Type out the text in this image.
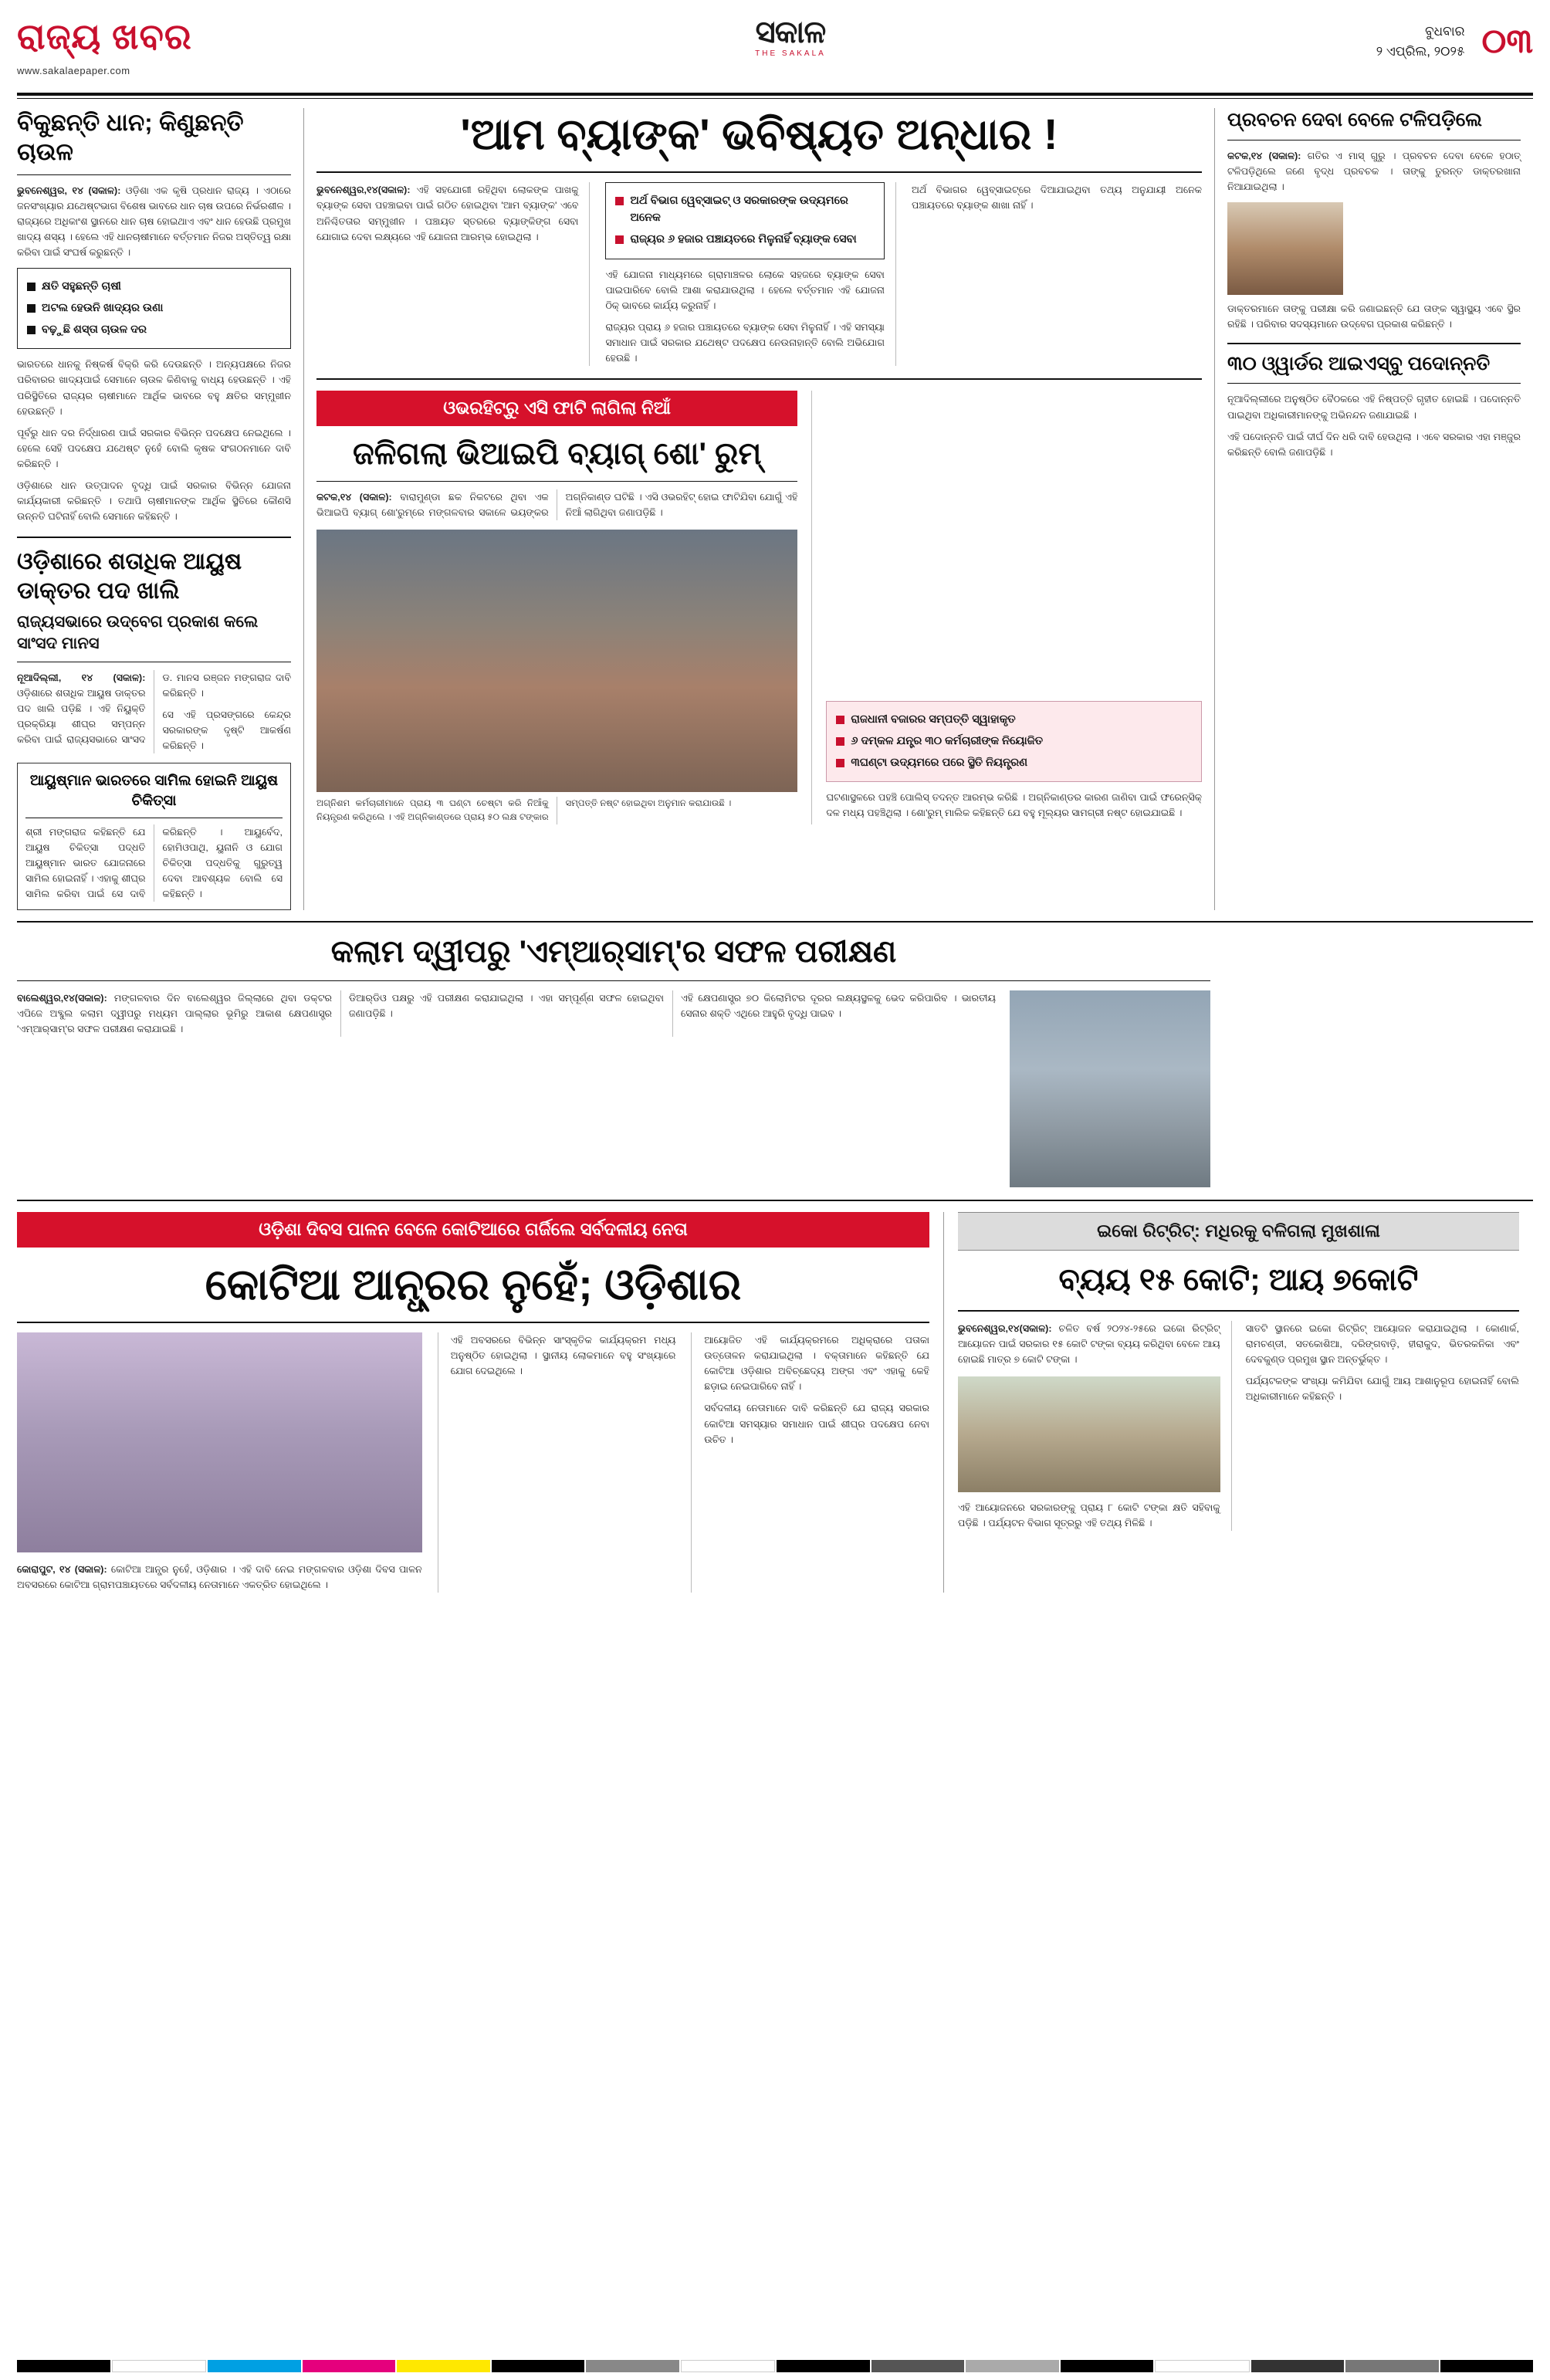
ରାଜ୍ୟ ଖବର
www.sakalaepaper.com
ସକାଳ
THE SAKALA
ବୁଧବାର
୨ ଏପ୍ରିଲ, ୨୦୨୫ ୦୩
ବିକୁଛନ୍ତି ଧାନ; କିଣୁଛନ୍ତି ଚାଉଳ
ଭୁବନେଶ୍ୱର, ୧୪ (ସକାଳ): ଓଡ଼ିଶା ଏକ କୃଷି ପ୍ରଧାନ ରାଜ୍ୟ । ଏଠାରେ ଜନସଂଖ୍ୟାର ଯଥେଷ୍ଟଭାଗ ବିଶେଷ ଭାବରେ ଧାନ ଚାଷ ଉପରେ ନିର୍ଭରଶୀଳ । ରାଜ୍ୟରେ ଅଧିକାଂଶ ସ୍ଥାନରେ ଧାନ ଚାଷ ହୋଇଥାଏ ଏବଂ ଧାନ ହେଉଛି ପ୍ରମୁଖ ଖାଦ୍ୟ ଶସ୍ୟ । ହେଲେ ଏହି ଧାନଚାଷୀମାନେ ବର୍ତ୍ତମାନ ନିଜର ଅସ୍ତିତ୍ୱ ରକ୍ଷା କରିବା ପାଇଁ ସଂଘର୍ଷ କରୁଛନ୍ତି ।
କ୍ଷତି ସହୁଛନ୍ତି ଚାଷୀ
ଅଟଲ ହେଉନି ଖାଦ୍ୟର ଉଣା
ବଢ଼ୁଛି ଶସ୍ତା ଚାଉଳ ଦର
ଭାରତରେ ଧାନକୁ ନିଷ୍କର୍ଷ ବିକ୍ରି କରି ଦେଉଛନ୍ତି । ଅନ୍ୟପକ୍ଷରେ ନିଜର ପରିବାରର ଖାଦ୍ୟପାଇଁ ସେମାନେ ଚାଉଳ କିଣିବାକୁ ବାଧ୍ୟ ହେଉଛନ୍ତି । ଏହି ପରିସ୍ଥିତିରେ ରାଜ୍ୟର ଚାଷୀମାନେ ଆର୍ଥିକ ଭାବରେ ବହୁ କ୍ଷତିର ସମ୍ମୁଖୀନ ହେଉଛନ୍ତି ।
ପୂର୍ବରୁ ଧାନ ଦର ନିର୍ଦ୍ଧାରଣ ପାଇଁ ସରକାର ବିଭିନ୍ନ ପଦକ୍ଷେପ ନେଇଥିଲେ । ହେଲେ ସେହି ପଦକ୍ଷେପ ଯଥେଷ୍ଟ ନୁହେଁ ବୋଲି କୃଷକ ସଂଗଠନମାନେ ଦାବି କରିଛନ୍ତି ।
ଓଡ଼ିଶାରେ ଧାନ ଉତ୍ପାଦନ ବୃଦ୍ଧି ପାଇଁ ସରକାର ବିଭିନ୍ନ ଯୋଜନା କାର୍ଯ୍ୟକାରୀ କରିଛନ୍ତି । ତଥାପି ଚାଷୀମାନଙ୍କ ଆର୍ଥିକ ସ୍ଥିତିରେ କୌଣସି ଉନ୍ନତି ଘଟିନାହିଁ ବୋଲି ସେମାନେ କହିଛନ୍ତି ।
ଓଡ଼ିଶାରେ ଶତାଧିକ ଆୟୁଷ ଡାକ୍ତର ପଦ ଖାଲି
ରାଜ୍ୟସଭାରେ ଉଦ୍‌ବେଗ ପ୍ରକାଶ କଲେ ସାଂସଦ ମାନସ
ନୂଆଦିଲ୍ଲୀ, ୧୪ (ସକାଳ): ଓଡ଼ିଶାରେ ଶତାଧିକ ଆୟୁଷ ଡାକ୍ତର ପଦ ଖାଲି ପଡ଼ିଛି । ଏହି ନିୟୁକ୍ତି ପ୍ରକ୍ରିୟା ଶୀଘ୍ର ସମ୍ପନ୍ନ କରିବା ପାଇଁ ରାଜ୍ୟସଭାରେ ସାଂସଦ ଡ. ମାନସ ରଞ୍ଜନ ମଙ୍ଗରାଜ ଦାବି କରିଛନ୍ତି ।
ସେ ଏହି ପ୍ରସଙ୍ଗରେ କେନ୍ଦ୍ର ସରକାରଙ୍କ ଦୃଷ୍ଟି ଆକର୍ଷଣ କରିଛନ୍ତି ।
ଆୟୁଷ୍ମାନ ଭାରତରେ ସାମିଲ ହୋଇନି ଆୟୁଷ ଚିକିତ୍ସା
ଶ୍ରୀ ମଙ୍ଗରାଜ କହିଛନ୍ତି ଯେ ଆୟୁଷ ଚିକିତ୍ସା ପଦ୍ଧତି ଆୟୁଷ୍ମାନ ଭାରତ ଯୋଜନାରେ ସାମିଲ ହୋଇନାହିଁ । ଏହାକୁ ଶୀଘ୍ର ସାମିଲ କରିବା ପାଇଁ ସେ ଦାବି କରିଛନ୍ତି । ଆୟୁର୍ବେଦ, ହୋମିଓପାଥି, ୟୁନାନି ଓ ଯୋଗ ଚିକିତ୍ସା ପଦ୍ଧତିକୁ ଗୁରୁତ୍ୱ ଦେବା ଆବଶ୍ୟକ ବୋଲି ସେ କହିଛନ୍ତି ।
'ଆମ ବ୍ୟାଙ୍କ' ଭବିଷ୍ୟତ ଅନ୍ଧାର !
ଭୁବନେଶ୍ୱର,୧୪(ସକାଳ): ଏହି ସହଯୋଗୀ ରହିଥିବା ଲୋକଙ୍କ ପାଖକୁ ବ୍ୟାଙ୍କ ସେବା ପହଞ୍ଚାଇବା ପାଇଁ ଗଠିତ ହୋଇଥିବା 'ଆମ ବ୍ୟାଙ୍କ' ଏବେ ଅନିଶ୍ଚିତତାର ସମ୍ମୁଖୀନ । ପଞ୍ଚାୟତ ସ୍ତରରେ ବ୍ୟାଙ୍କିଙ୍ଗ ସେବା ଯୋଗାଇ ଦେବା ଲକ୍ଷ୍ୟରେ ଏହି ଯୋଜନା ଆରମ୍ଭ ହୋଇଥିଲା ।
ଅର୍ଥ ବିଭାଗ ୱେବ୍‌ସାଇଟ୍‌ ଓ ସରକାରଙ୍କ ଉଦ୍ୟମରେ ଅନେକ
ରାଜ୍ୟର ୬ ହଜାର ପଞ୍ଚାୟତରେ ମିଳୁନାହିଁ ବ୍ୟାଙ୍କ ସେବା
ଏହି ଯୋଜନା ମାଧ୍ୟମରେ ଗ୍ରାମାଞ୍ଚଳର ଲୋକେ ସହଜରେ ବ୍ୟାଙ୍କ ସେବା ପାଇପାରିବେ ବୋଲି ଆଶା କରାଯାଉଥିଲା । ହେଲେ ବର୍ତ୍ତମାନ ଏହି ଯୋଜନା ଠିକ୍‌ ଭାବରେ କାର୍ଯ୍ୟ କରୁନାହିଁ ।
ରାଜ୍ୟର ପ୍ରାୟ ୬ ହଜାର ପଞ୍ଚାୟତରେ ବ୍ୟାଙ୍କ ସେବା ମିଳୁନାହିଁ । ଏହି ସମସ୍ୟା ସମାଧାନ ପାଇଁ ସରକାର ଯଥେଷ୍ଟ ପଦକ୍ଷେପ ନେଉନାହାନ୍ତି ବୋଲି ଅଭିଯୋଗ ହେଉଛି ।
ଅର୍ଥ ବିଭାଗର ୱେବ୍‌ସାଇଟ୍‌ରେ ଦିଆଯାଇଥିବା ତଥ୍ୟ ଅନୁଯାୟୀ ଅନେକ ପଞ୍ଚାୟତରେ ବ୍ୟାଙ୍କ ଶାଖା ନାହିଁ ।
ଓଭରହିଟ୍‌ରୁ ଏସି ଫାଟି ଲାଗିଲା ନିଆଁ
ଜଳିଗଲା ଭିଆଇପି ବ୍ୟାଗ୍‌ ଶୋ' ରୁମ୍‌
କଟକ,୧୪ (ସକାଳ): ବାରାମୁଣ୍ଡା ଛକ ନିକଟରେ ଥିବା ଏକ ଭିଆଇପି ବ୍ୟାଗ୍‌ ଶୋ'ରୁମ୍‌ରେ ମଙ୍ଗଳବାର ସକାଳେ ଭୟଙ୍କର ଅଗ୍ନିକାଣ୍ଡ ଘଟିଛି । ଏସି ଓଭରହିଟ୍‌ ହୋଇ ଫାଟିଯିବା ଯୋଗୁଁ ଏହି ନିଆଁ ଲାଗିଥିବା ଜଣାପଡ଼ିଛି ।
ଅଗ୍ନିଶମ କର୍ମଚାରୀମାନେ ପ୍ରାୟ ୩ ଘଣ୍ଟା ଚେଷ୍ଟା କରି ନିଆଁକୁ ନିୟନ୍ତ୍ରଣ କରିଥିଲେ । ଏହି ଅଗ୍ନିକାଣ୍ଡରେ ପ୍ରାୟ ୫୦ ଲକ୍ଷ ଟଙ୍କାର ସମ୍ପତ୍ତି ନଷ୍ଟ ହୋଇଥିବା ଅନୁମାନ କରାଯାଉଛି ।
ରାଜଧାନୀ ବଜାରର ସମ୍ପତ୍ତି ସ୍ୱାହାକୃତ
୬ ଦମ୍କଳ ଯନ୍ତ୍ର ୩୦ କର୍ମଚାରୀଙ୍କ ନିୟୋଜିତ
୩ଘଣ୍ଟା ଉଦ୍ୟମରେ ପରେ ସ୍ଥିତି ନିୟନ୍ତ୍ରଣ
ଘଟଣାସ୍ଥଳରେ ପହଞ୍ଚି ପୋଲିସ୍‌ ତଦନ୍ତ ଆରମ୍ଭ କରିଛି । ଅଗ୍ନିକାଣ୍ଡର କାରଣ ଜାଣିବା ପାଇଁ ଫରେନ୍‌ସିକ୍‌ ଦଳ ମଧ୍ୟ ପହଞ୍ଚିଥିଲା । ଶୋ'ରୁମ୍‌ ମାଲିକ କହିଛନ୍ତି ଯେ ବହୁ ମୂଲ୍ୟର ସାମଗ୍ରୀ ନଷ୍ଟ ହୋଇଯାଇଛି ।
ପ୍ରବଚନ ଦେବା ବେଳେ ଟଳିପଡ଼ିଲେ
କଟକ,୧୪ (ସକାଳ): ଗତିର ଏ ମାସ୍‌ ଗୁରୁ । ପ୍ରବଚନ ଦେବା ବେଳେ ହଠାତ୍‌ ଟଳିପଡ଼ିଥିଲେ ଜଣେ ବୃଦ୍ଧ ପ୍ରବଚକ । ତାଙ୍କୁ ତୁରନ୍ତ ଡାକ୍ତରଖାନା ନିଆଯାଇଥିଲା ।
ଡାକ୍ତରମାନେ ତାଙ୍କୁ ପରୀକ୍ଷା କରି ଜଣାଇଛନ୍ତି ଯେ ତାଙ୍କ ସ୍ୱାସ୍ଥ୍ୟ ଏବେ ସ୍ଥିର ରହିଛି । ପରିବାର ସଦସ୍ୟମାନେ ଉଦ୍‌ବେଗ ପ୍ରକାଶ କରିଛନ୍ତି ।
୩୦ ଓ୍ୱାର୍ଡର ଆଇଏସ୍‌ବୁ ପଦୋନ୍ନତି
ନୂଆଦିଲ୍ଲୀରେ ଅନୁଷ୍ଠିତ ବୈଠକରେ ଏହି ନିଷ୍ପତ୍ତି ଗୃହୀତ ହୋଇଛି । ପଦୋନ୍ନତି ପାଇଥିବା ଅଧିକାରୀମାନଙ୍କୁ ଅଭିନନ୍ଦନ ଜଣାଯାଇଛି ।
ଏହି ପଦୋନ୍ନତି ପାଇଁ ଦୀର୍ଘ ଦିନ ଧରି ଦାବି ହେଉଥିଲା । ଏବେ ସରକାର ଏହା ମଞ୍ଜୁର କରିଛନ୍ତି ବୋଲି ଜଣାପଡ଼ିଛି ।
କଲାମ ଦ୍ୱୀପରୁ 'ଏମ୍‌ଆର୍‌ସାମ୍‌'ର ସଫଳ ପରୀକ୍ଷଣ
ବାଲେଶ୍ୱର,୧୪(ସକାଳ): ମଙ୍ଗଳବାର ଦିନ ବାଲେଶ୍ୱର ଜିଲ୍ଲାରେ ଥିବା ଡକ୍ଟର ଏପିଜେ ଅବ୍ଦୁଲ କଲାମ ଦ୍ୱୀପରୁ ମଧ୍ୟମ ପାଲ୍ଲାର ଭୂମିରୁ ଆକାଶ କ୍ଷେପଣାସ୍ତ୍ର 'ଏମ୍‌ଆର୍‌ସାମ୍‌'ର ସଫଳ ପରୀକ୍ଷଣ କରାଯାଇଛି ।
ଡିଆର୍‌ଡିଓ ପକ୍ଷରୁ ଏହି ପରୀକ୍ଷଣ କରାଯାଇଥିଲା । ଏହା ସମ୍ପୂର୍ଣ୍ଣ ସଫଳ ହୋଇଥିବା ଜଣାପଡ଼ିଛି ।
ଏହି କ୍ଷେପଣାସ୍ତ୍ର ୭୦ କିଲୋମିଟର ଦୂରର ଲକ୍ଷ୍ୟସ୍ଥଳକୁ ଭେଦ କରିପାରିବ । ଭାରତୀୟ ସେନାର ଶକ୍ତି ଏଥିରେ ଆହୁରି ବୃଦ୍ଧି ପାଇବ ।
ଓଡ଼ିଶା ଦିବସ ପାଳନ ବେଳେ କୋଟିଆରେ ଗର୍ଜିଲେ ସର୍ବଦଳୀୟ ନେତା
କୋଟିଆ ଆନ୍ଧ୍ରର ନୁହେଁ; ଓଡ଼ିଶାର
କୋରାପୁଟ, ୧୪ (ସକାଳ): କୋଟିଆ ଆନ୍ଧ୍ର ନୁହେଁ, ଓଡ଼ିଶାର । ଏହି ଦାବି ନେଇ ମଙ୍ଗଳବାର ଓଡ଼ିଶା ଦିବସ ପାଳନ ଅବସରରେ କୋଟିଆ ଗ୍ରାମପଞ୍ଚାୟତରେ ସର୍ବଦଳୀୟ ନେତାମାନେ ଏକତ୍ରିତ ହୋଇଥିଲେ ।
ଏହି ଅବସରରେ ବିଭିନ୍ନ ସାଂସ୍କୃତିକ କାର୍ଯ୍ୟକ୍ରମ ମଧ୍ୟ ଅନୁଷ୍ଠିତ ହୋଇଥିଲା । ସ୍ଥାନୀୟ ଲୋକମାନେ ବହୁ ସଂଖ୍ୟାରେ ଯୋଗ ଦେଇଥିଲେ ।
ଆୟୋଜିତ ଏହି କାର୍ଯ୍ୟକ୍ରମରେ ଅଧିକ୍ରାରେ ପତାକା ଉତ୍ତୋଳନ କରାଯାଇଥିଲା । ବକ୍ତାମାନେ କହିଛନ୍ତି ଯେ କୋଟିଆ ଓଡ଼ିଶାର ଅବିଚ୍ଛେଦ୍ୟ ଅଙ୍ଗ ଏବଂ ଏହାକୁ କେହି ଛଡ଼ାଇ ନେଇପାରିବେ ନାହିଁ ।
ସର୍ବଦଳୀୟ ନେତାମାନେ ଦାବି କରିଛନ୍ତି ଯେ ରାଜ୍ୟ ସରକାର କୋଟିଆ ସମସ୍ୟାର ସମାଧାନ ପାଇଁ ଶୀଘ୍ର ପଦକ୍ଷେପ ନେବା ଉଚିତ ।
ଇକୋ ରିଟ୍ରିଟ୍‌: ମଧିରକୁ ବଳିଗଲା ମୁଖଶାଳା
ବ୍ୟୟ ୧୫ କୋଟି; ଆୟ ୭କୋଟି
ଭୁବନେଶ୍ୱର,୧୪(ସକାଳ): ଚଳିତ ବର୍ଷ ୨୦୨୪-୨୫ରେ ଇକୋ ରିଟ୍ରିଟ୍‌ ଆୟୋଜନ ପାଇଁ ସରକାର ୧୫ କୋଟି ଟଙ୍କା ବ୍ୟୟ କରିଥିବା ବେଳେ ଆୟ ହୋଇଛି ମାତ୍ର ୭ କୋଟି ଟଙ୍କା ।
ଏହି ଆୟୋଜନରେ ସରକାରଙ୍କୁ ପ୍ରାୟ ୮ କୋଟି ଟଙ୍କା କ୍ଷତି ସହିବାକୁ ପଡ଼ିଛି । ପର୍ଯ୍ୟଟନ ବିଭାଗ ସୂତ୍ରରୁ ଏହି ତଥ୍ୟ ମିଳିଛି ।
ସାତଟି ସ୍ଥାନରେ ଇକୋ ରିଟ୍ରିଟ୍‌ ଆୟୋଜନ କରାଯାଇଥିଲା । କୋଣାର୍କ, ରାମଚଣ୍ଡୀ, ସତକୋଶିଆ, ଦରିଙ୍ଗବାଡ଼ି, ହୀରାକୁଦ, ଭିତରକନିକା ଏବଂ ଦେବକୁଣ୍ଡ ପ୍ରମୁଖ ସ୍ଥାନ ଅନ୍ତର୍ଭୁକ୍ତ ।
ପର୍ଯ୍ୟଟକଙ୍କ ସଂଖ୍ୟା କମିଯିବା ଯୋଗୁଁ ଆୟ ଆଶାନୁରୂପ ହୋଇନାହିଁ ବୋଲି ଅଧିକାରୀମାନେ କହିଛନ୍ତି ।
